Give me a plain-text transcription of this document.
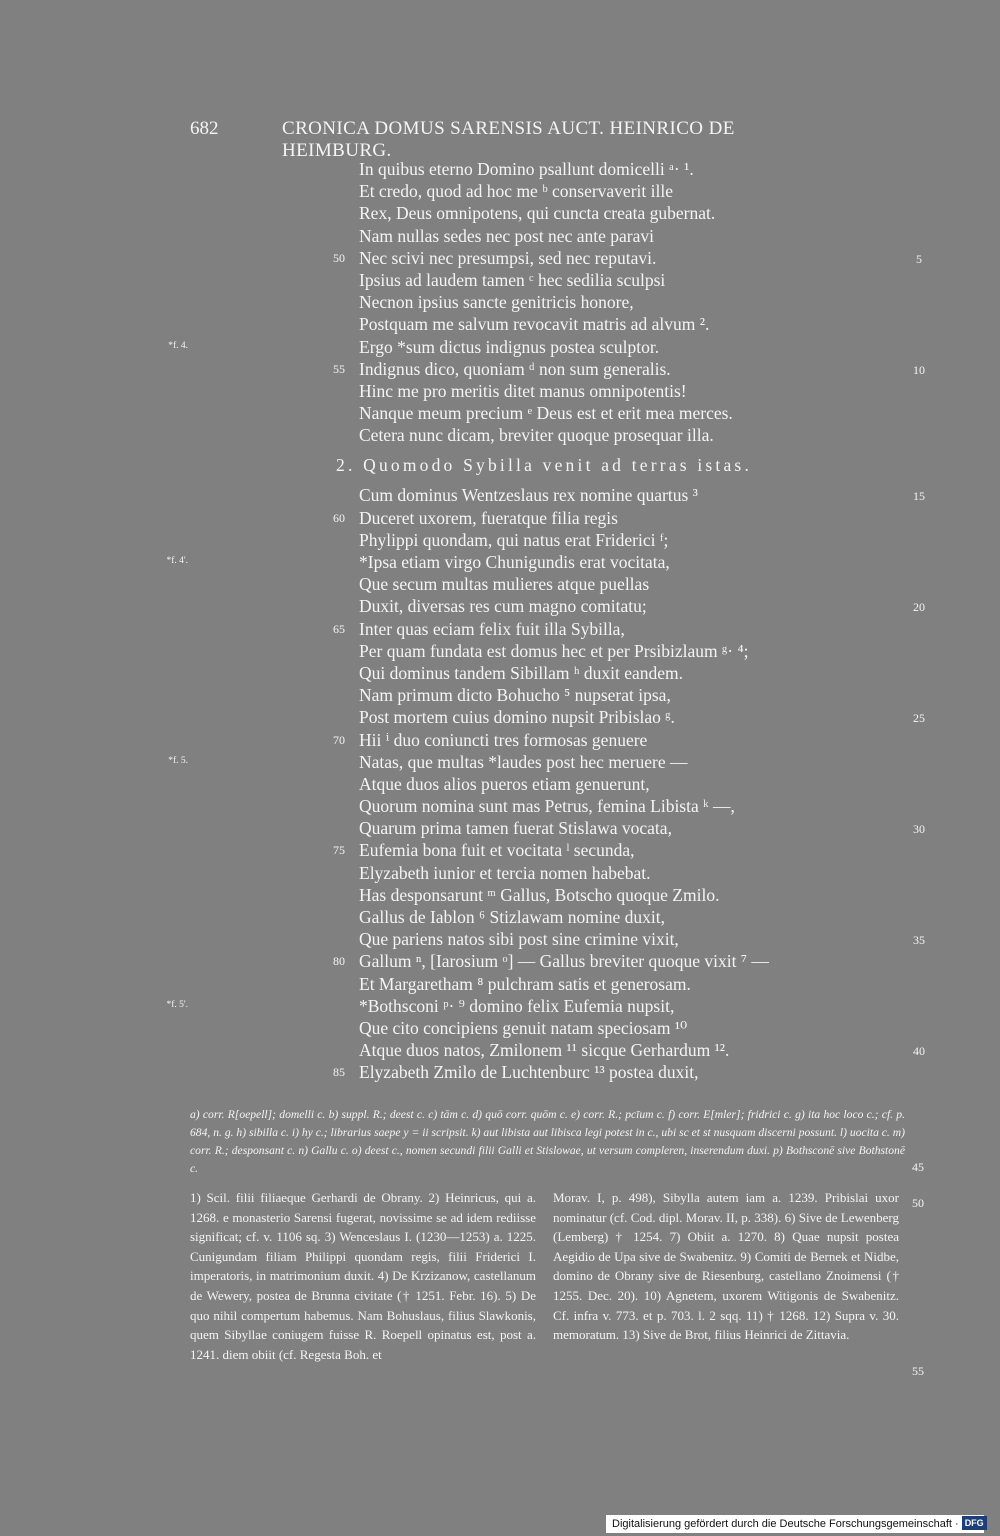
682	CRONICA DOMUS SARENSIS AUCT. HEINRICO DE HEIMBURG.
In quibus eterno Domino psallunt domicelli ᵃ· ¹.
Et credo, quod ad hoc me ᵇ conservaverit ille
Rex, Deus omnipotens, qui cuncta creata gubernat.
Nam nullas sedes nec post nec ante paravi
Nec scivi nec presumpsi, sed nec reputavi.
50	5
Ipsius ad laudem tamen ᶜ hec sedilia sculpsi
Necnon ipsius sancte genitricis honore,
Postquam me salvum revocavit matris ad alvum ².
Ergo *sum dictus indignus postea sculptor.
*f. 4.
Indignus dico, quoniam ᵈ non sum generalis.
55	10
Hinc me pro meritis ditet manus omnipotentis!
Nanque meum precium ᵉ Deus est et erit mea merces.
Cetera nunc dicam, breviter quoque prosequar illa.
2. Quomodo Sybilla venit ad terras istas.
Cum dominus Wentzeslaus rex nomine quartus ³	15
Duceret uxorem, fueratque filia regis
60
Phylippi quondam, qui natus erat Friderici ᶠ;
*Ipsa etiam virgo Chunigundis erat vocitata,
*f. 4'.
Que secum multas mulieres atque puellas
Duxit, diversas res cum magno comitatu;	20
Inter quas eciam felix fuit illa Sybilla,
65
Per quam fundata est domus hec et per Prsibizlaum ᵍ· ⁴;
Qui dominus tandem Sibillam ʰ duxit eandem.
Nam primum dicto Bohucho ⁵ nupserat ipsa,
Post mortem cuius domino nupsit Pribislao ᵍ.	25
Hii ⁱ duo coniuncti tres formosas genuere
70
Natas, que multas *laudes post hec meruere —
*f. 5.
Atque duos alios pueros etiam genuerunt,
Quorum nomina sunt mas Petrus, femina Libista ᵏ —,
Quarum prima tamen fuerat Stislawa vocata,	30
Eufemia bona fuit et vocitata ˡ secunda,
75
Elyzabeth iunior et tercia nomen habebat.
Has desponsarunt ᵐ Gallus, Botscho quoque Zmilo.
Gallus de Iablon ⁶ Stizlawam nomine duxit,
Que pariens natos sibi post sine crimine vixit,	35
Gallum ⁿ, [Iarosium ᵒ] — Gallus breviter quoque vixit ⁷ —
80
Et Margaretham ⁸ pulchram satis et generosam.
*Bothsconi ᵖ· ⁹ domino felix Eufemia nupsit,
*f. 5'.
Que cito concipiens genuit natam speciosam ¹⁰
Atque duos natos, Zmilonem ¹¹ sicque Gerhardum ¹².	40
Elyzabeth Zmilo de Luchtenburc ¹³ postea duxit,
85
a) corr. R[oepell]; domelli c. b) suppl. R.; deest c. c) tām c. d) quō corr. quōm c. e) corr. R.; pcīum c. f) corr. E[mler]; fridrici c. g) ita hoc loco c.; cf. p. 684, n. g. h) sibilla c. i) hy c.; librarius saepe y = ii scripsit. k) aut libista aut libisca legi potest in c., ubi sc et st nusquam discerni possunt. l) uocita c. m) corr. R.; desponsant c. n) Gallu c. o) deest c., nomen secundi filii Galli et Stislowae, ut versum compleren, inserendum duxi. p) Bothsconē sive Bothstonē c.	45
1) Scil. filii filiaeque Gerhardi de Obrany. 2) Heinricus, qui a. 1268. e monasterio Sarensi fugerat, novissime se ad idem rediisse significat; cf. v. 1106 sq. 3) Wenceslaus I. (1230—1253) a. 1225. Cunigundam filiam Philippi quondam regis, filii Friderici I. imperatoris, in matrimonium duxit. 4) De Krzizanow, castellanum de Wewery, postea de Brunna civitate († 1251. Febr. 16). 5) De quo nihil compertum habemus. Nam Bohuslaus, filius Slawkonis, quem Sibyllae coniugem fuisse R. Roepell opinatus est, post a. 1241. diem obiit (cf. Regesta Boh. et
Morav. I, p. 498), Sibylla autem iam a. 1239. Pribislai uxor nominatur (cf. Cod. dipl. Morav. II, p. 338). 6) Sive de Lewenberg (Lemberg) † 1254. 7) Obiit a. 1270. 8) Quae nupsit postea Aegidio de Upa sive de Swabenitz. 9) Comiti de Bernek et Nidbe, domino de Obrany sive de Riesenburg, castellano Znoimensi († 1255. Dec. 20). 10) Agnetem, uxorem Witigonis de Swabenitz. Cf. infra v. 773. et p. 703. l. 2 sqq. 11) † 1268. 12) Supra v. 30. memoratum. 13) Sive de Brot, filius Heinrici de Zittavia.
50
55
Digitalisierung gefördert durch die Deutsche Forschungsgemeinschaft · DFG
